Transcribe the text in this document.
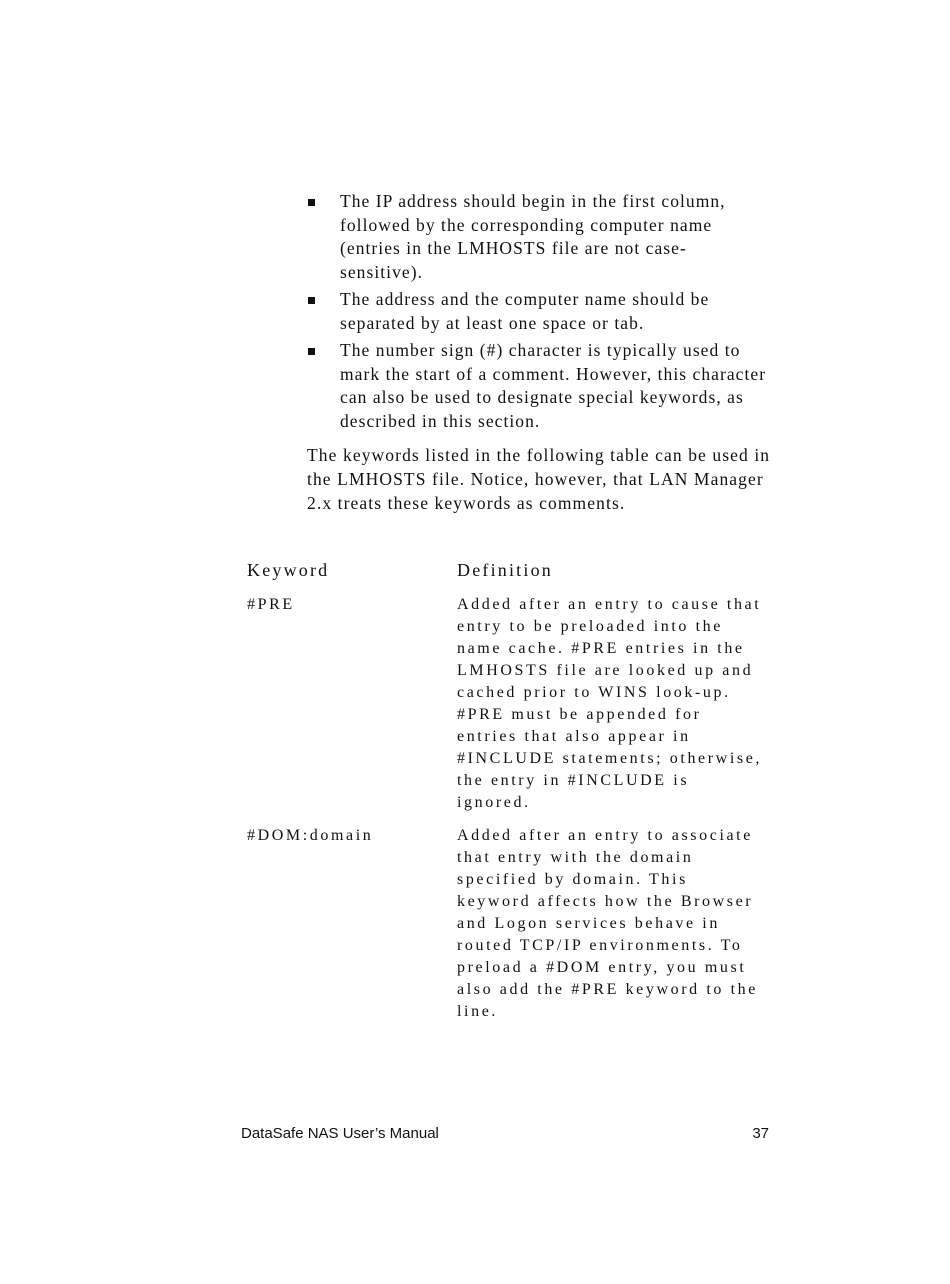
The IP address should begin in the first column, followed by the corresponding computer name (entries in the LMHOSTS file are not case-sensitive).
The address and the computer name should be separated by at least one space or tab.
The number sign (#) character is typically used to mark the start of a comment. However, this character can also be used to designate special keywords, as described in this section.

The keywords listed in the following table can be used in the LMHOSTS file. Notice, however, that LAN Manager 2.x treats these keywords as comments.

Keyword	Definition
#PRE	Added after an entry to cause that entry to be preloaded into the name cache. #PRE entries in the LMHOSTS file are looked up and cached prior to WINS look-up. #PRE must be appended for entries that also appear in #INCLUDE statements; otherwise, the entry in #INCLUDE is ignored.
#DOM:domain	Added after an entry to associate that entry with the domain specified by domain. This keyword affects how the Browser and Logon services behave in routed TCP/IP environments. To preload a #DOM entry, you must also add the #PRE keyword to the line.
DataSafe NAS User’s Manual	37
